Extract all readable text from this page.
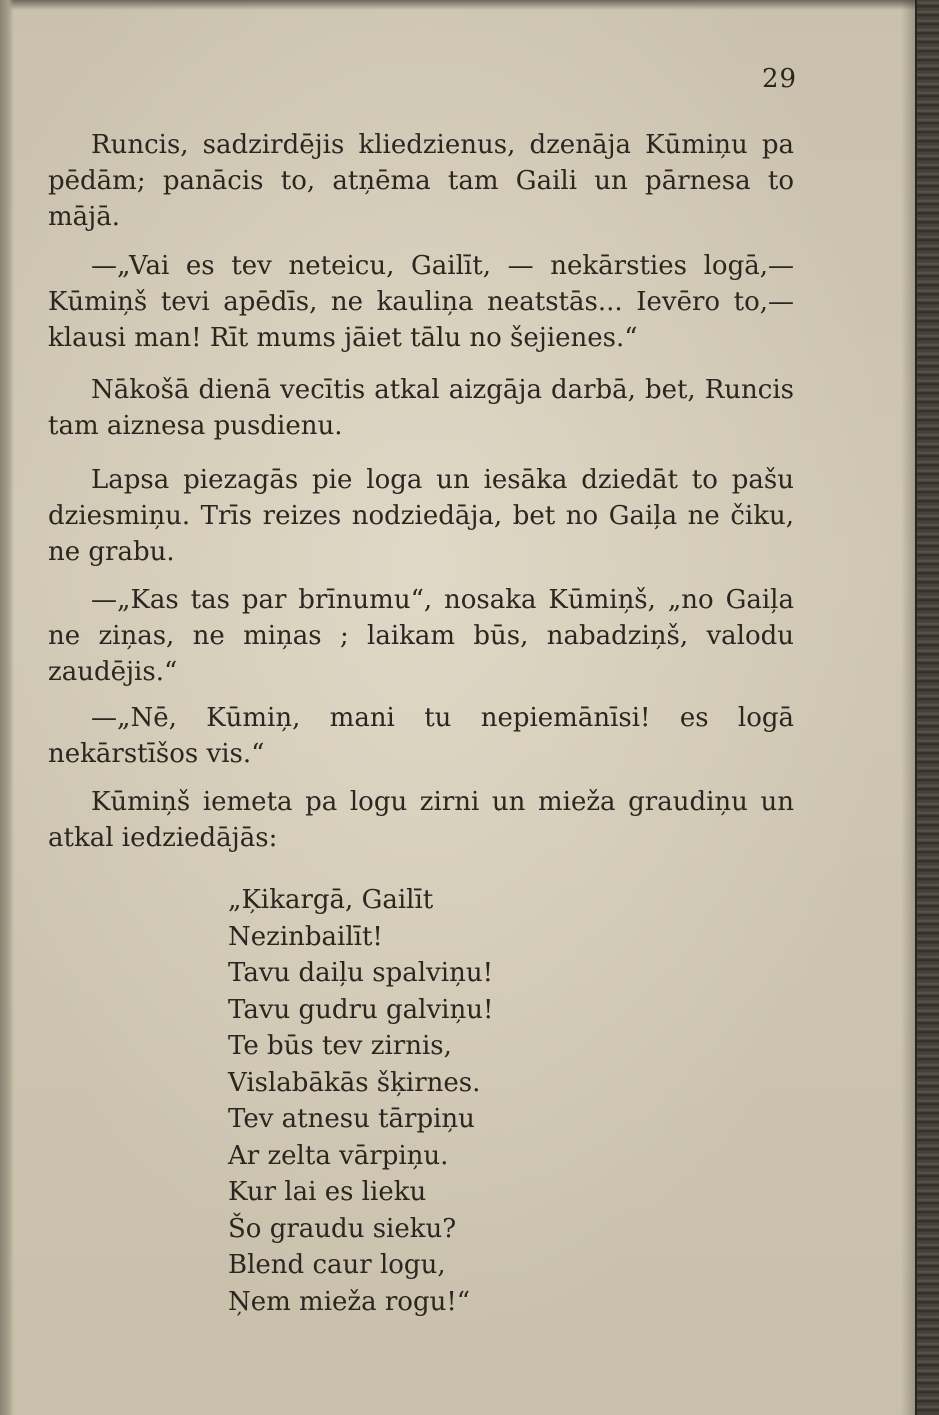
29
Runcis, sadzirdējis kliedzienus, dzenāja Kūmiņu pa pēdām; panācis to, atņēma tam Gaili un pārnesa to mājā.
—„Vai es tev neteicu, Gailīt, — nekārsties logā,— Kūmiņš tevi apēdīs, ne kauliņa neatstās... Ievēro to,— klausi man! Rīt mums jāiet tālu no šejienes.“
Nākošā dienā vecītis atkal aizgāja darbā, bet, Runcis tam aiznesa pusdienu.
Lapsa piezagās pie loga un iesāka dziedāt to pašu dziesmiņu. Trīs reizes nodziedāja, bet no Gaiļa ne čiku, ne grabu.
—„Kas tas par brīnumu“, nosaka Kūmiņš, „no Gaiļa ne ziņas, ne miņas ; laikam būs, nabadziņš, valodu zaudējis.“
—„Nē, Kūmiņ, mani tu nepiemānīsi! es logā nekārstīšos vis.“
Kūmiņš iemeta pa logu zirni un mieža graudiņu un atkal iedziedājās:
„Ķikargā, Gailīt
Nezinbailīt!
Tavu daiļu spalviņu!
Tavu gudru galviņu!
Te būs tev zirnis,
Vislabākās šķirnes.
Tev atnesu tārpiņu
Ar zelta vārpiņu.
Kur lai es lieku
Šo graudu sieku?
Blend caur logu,
Ņem mieža rogu!“
